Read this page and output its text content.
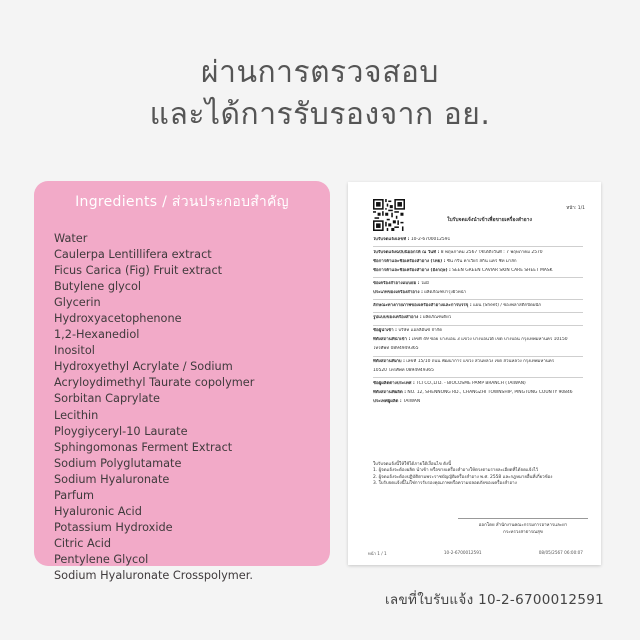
ผ่านการตรวจสอบ
และได้การรับรองจาก อย.
Ingredients / ส่วนประกอบสำคัญ
Water
Caulerpa Lentillifera extract
Ficus Carica (Fig) Fruit extract
Butylene glycol
Glycerin
Hydroxyacetophenone
1,2-Hexanediol
Inositol
Hydroxyethyl Acrylate / Sodium
Acryloydimethyl Taurate copolymer
Sorbitan Caprylate
Lecithin
Ploygiyceryl-10 Laurate
Sphingomonas Ferment Extract
Sodium Polyglutamate
Sodium Hyaluronate
Parfum
Hyaluronic Acid
Potassium Hydroxide
Citric Acid
Pentylene Glycol
Sodium Hyaluronate Crosspolymer.
หน้า: 1/1
ใบรับจดแจ้งนำเข้าเพื่อขายเครื่องสำอาง
ใบรับจดแจ้งเลขที่ : 10-2-6700012591
ใบรับจดแจ้งฉบับนี้ออกให้ ณ วันที่ : 8 พฤษภาคม 2567 ใช้ได้ถึงวันที่ : 7 พฤษภาคม 2570
ชื่อการค้าและชื่อเครื่องสำอาง (ไทย) : ซีน กรีน คาเวียร์ สกิน แคร์ ชีท มาส์ก
ชื่อการค้าและชื่อเครื่องสำอาง (อังกฤษ) : SEEN GREEN CAVIAR SKIN CARE SHEET MASK
ข้อเครื่องสำอางแบบย่อ : ไม่มี
ประเภทของเครื่องสำอาง : ผลิตภัณฑ์บำรุงผิวหน้า
ลักษณะทางกายภาพของเครื่องสำอางและการบรรจุ : แผ่น (Sheet) / ซองพลาสติกปิดผนึก
รูปแบบของเครื่องสำอาง : ผลิตภัณฑ์เดี่ยว
ชื่อผู้นำเข้า : บริษัท แอลลิอันซ์ จำกัด
ที่ตั้งสถานที่นำเข้า : เลขที่ 49 ซอย บางบอน 3 แขวง บางบอนใต้ เขต บางบอน กรุงเทพมหานคร 10150
โทรศัพท์ 0894949365
ที่ตั้งสถานที่เก็บ : เลขที่ 15/10 ถนน พัฒนาการ แขวง สวนหลวง เขต สวนหลวง กรุงเทพมหานคร
10520 โทรศัพท์ 0894949365
ชื่อผู้ผลิตต่างประเทศ : TCI CO.,LTD. - BIOCOSME PAMP BRANCH (TAIWAN)
ที่ตั้งสถานที่ผลิต : NO. 12, SHENNONG RD., CHANGZHI TOWNSHIP, PINGTUNG COUNTY 90846
ประเทศผู้ผลิต : TAIWAN

ใบรับจดแจ้งนี้ให้ใช้ได้ภายใต้เงื่อนไข ดังนี้

1. ผู้จดแจ้งจะต้องผลิต นำเข้า หรือขายเครื่องสำอางให้ตรงตามรายละเอียดที่ได้จดแจ้งไว้

2. ผู้จดแจ้งจะต้องปฏิบัติตามพระราชบัญญัติเครื่องสำอาง พ.ศ. 2558 และกฎหมายอื่นที่เกี่ยวข้อง

3. ใบรับจดแจ้งนี้ไม่ใช่การรับรองคุณภาพหรือความปลอดภัยของเครื่องสำอาง

ออกโดย สำนักงานคณะกรรมการอาหารและยา
กระทรวงสาธารณสุข
หน้า 1 / 1	10-2-6700012591	08/05/2567 06:00:07
เลขที่ใบรับแจ้ง 10-2-6700012591
